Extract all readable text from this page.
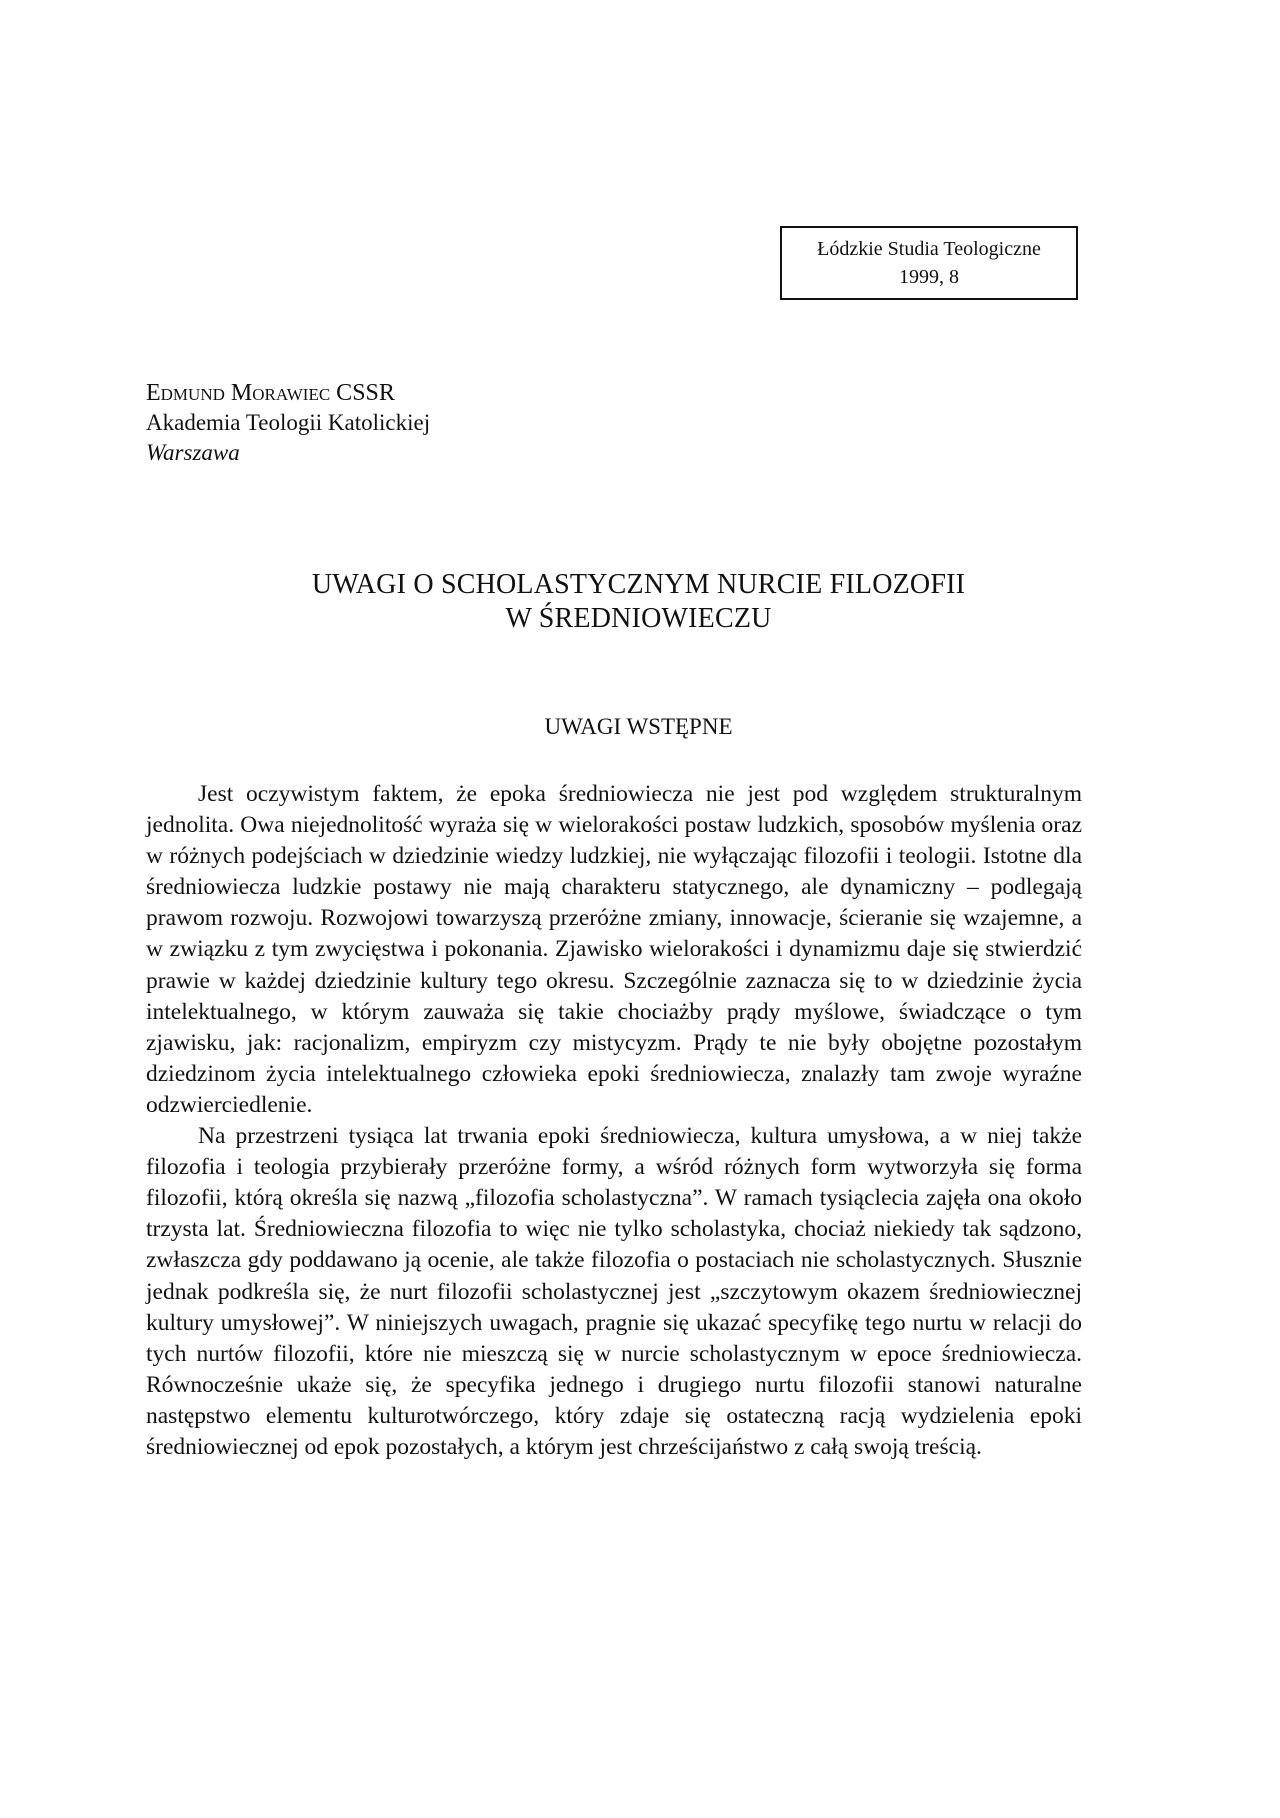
Łódzkie Studia Teologiczne
1999, 8
Edmund Morawiec CSSR
Akademia Teologii Katolickiej
Warszawa
UWAGI O SCHOLASTYCZNYM NURCIE FILOZOFII
W ŚREDNIOWIECZU
UWAGI WSTĘPNE

Jest oczywistym faktem, że epoka średniowiecza nie jest pod względem strukturalnym jednolita. Owa niejednolitość wyraża się w wielorakości postaw ludzkich, sposobów myślenia oraz w różnych podejściach w dziedzinie wiedzy ludzkiej, nie wyłączając filozofii i teologii. Istotne dla średniowiecza ludzkie postawy nie mają charakteru statycznego, ale dynamiczny – podlegają prawom rozwoju. Rozwojowi towarzyszą przeróżne zmiany, innowacje, ścieranie się wzajemne, a w związku z tym zwycięstwa i pokonania. Zjawisko wielorakości i dynamizmu daje się stwierdzić prawie w każdej dziedzinie kultury tego okresu. Szczególnie zaznacza się to w dziedzinie życia intelektualnego, w którym zauważa się takie chociażby prądy myślowe, świadczące o tym zjawisku, jak: racjonalizm, empiryzm czy mistycyzm. Prądy te nie były obojętne pozostałym dziedzinom życia intelektualnego człowieka epoki średniowiecza, znalazły tam zwoje wyraźne odzwierciedlenie.

Na przestrzeni tysiąca lat trwania epoki średniowiecza, kultura umysłowa, a w niej także filozofia i teologia przybierały przeróżne formy, a wśród różnych form wytworzyła się forma filozofii, którą określa się nazwą „filozofia scholastyczna”. W ramach tysiąclecia zajęła ona około trzysta lat. Średniowieczna filozofia to więc nie tylko scholastyka, chociaż niekiedy tak sądzono, zwłaszcza gdy poddawano ją ocenie, ale także filozofia o postaciach nie scholastycznych. Słusznie jednak podkreśla się, że nurt filozofii scholastycznej jest „szczytowym okazem średniowiecznej kultury umysłowej”. W niniejszych uwagach, pragnie się ukazać specyfikę tego nurtu w relacji do tych nurtów filozofii, które nie mieszczą się w nurcie scholastycznym w epoce średniowiecza. Równocześnie ukaże się, że specyfika jednego i drugiego nurtu filozofii stanowi naturalne następstwo elementu kulturotwórczego, który zdaje się ostateczną racją wydzielenia epoki średniowiecznej od epok pozostałych, a którym jest chrześcijaństwo z całą swoją treścią.
